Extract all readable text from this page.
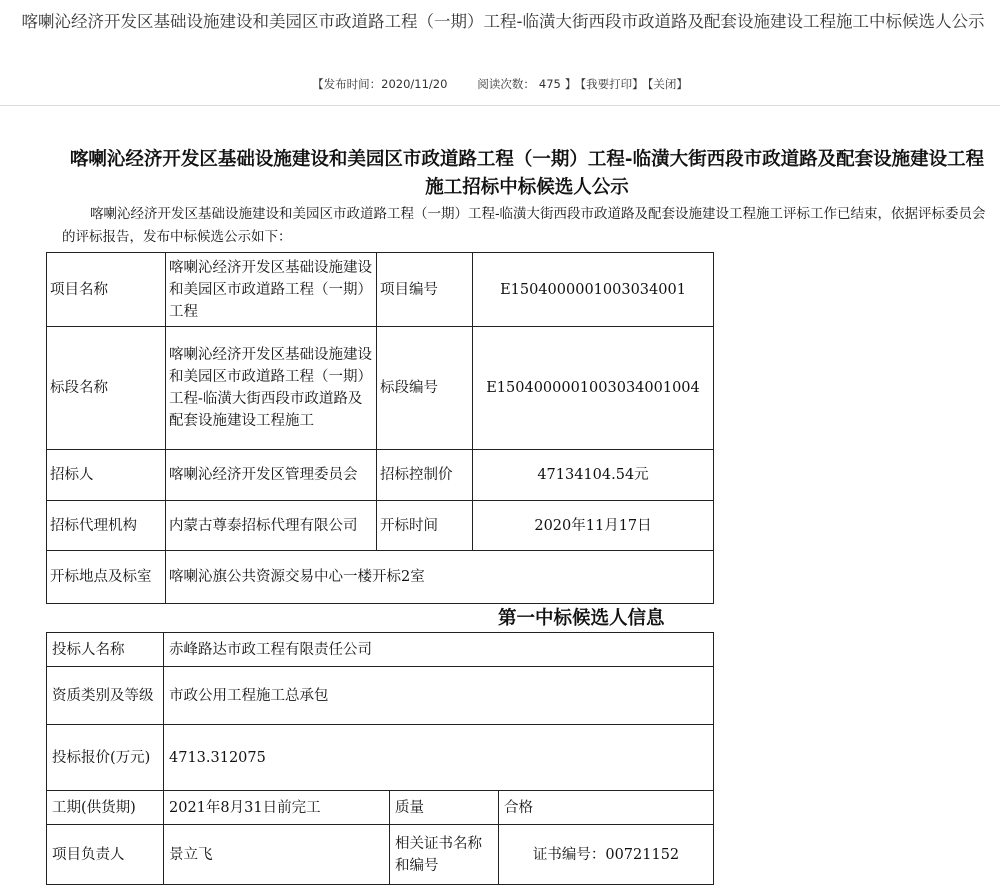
喀喇沁经济开发区基础设施建设和美园区市政道路工程（一期）工程-临潢大街西段市政道路及配套设施建设工程施工中标候选人公示
【发布时间：2020/11/20	阅读次数： 475 】 【我要打印】 【关闭】
喀喇沁经济开发区基础设施建设和美园区市政道路工程（一期）工程-临潢大街西段市政道路及配套设施建设工程施工招标中标候选人公示
喀喇沁经济开发区基础设施建设和美园区市政道路工程（一期）工程-临潢大街西段市政道路及配套设施建设工程施工评标工作已结束，依据评标委员会的评标报告，发布中标候选公示如下：
项目名称	喀喇沁经济开发区基础设施建设和美园区市政道路工程（一期）工程	项目编号	E1504000001003034001
标段名称	喀喇沁经济开发区基础设施建设和美园区市政道路工程（一期）工程-临潢大街西段市政道路及配套设施建设工程施工	标段编号	E1504000001003034001004
招标人	喀喇沁经济开发区管理委员会	招标控制价	47134104.54元
招标代理机构	内蒙古尊泰招标代理有限公司	开标时间	2020年11月17日
开标地点及标室	喀喇沁旗公共资源交易中心一楼开标2室		
第一中标候选人信息
投标人名称	赤峰路达市政工程有限责任公司		
资质类别及等级	市政公用工程施工总承包		
投标报价(万元)	4713.312075		
工期(供货期)	2021年8月31日前完工	质量	合格
项目负责人	景立飞	相关证书名称和编号	证书编号：00721152
